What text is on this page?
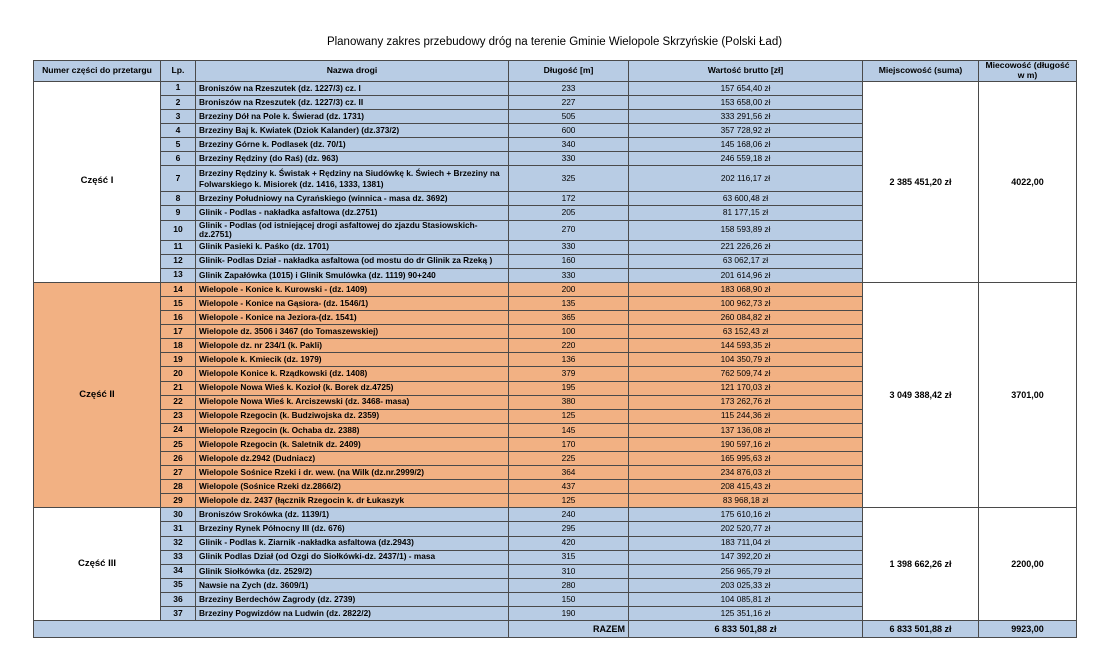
Planowany zakres przebudowy dróg na terenie Gminie Wielopole Skrzyńskie (Polski Ład)
Numer części do przetargu	Lp.	Nazwa drogi	Długość [m]	Wartość brutto [zł]	Miejscowość (suma)	Miecowość (długość w m)
Część I	1	Broniszów na Rzeszutek (dz. 1227/3) cz. I	233	157 654,40 zł	2 385 451,20 zł	4022,00
	2	Broniszów na Rzeszutek (dz. 1227/3) cz. II	227	153 658,00 zł		
	3	Brzeziny Dół na Pole k. Świerad (dz. 1731)	505	333 291,56 zł		
	4	Brzeziny Baj k. Kwiatek (Dziok Kalander) (dz.373/2)	600	357 728,92 zł		
	5	Brzeziny Górne k. Podlasek (dz. 70/1)	340	145 168,06 zł		
	6	Brzeziny Rędziny (do Raś) (dz. 963)	330	246 559,18 zł		
	7	Brzeziny Rędziny k. Świstak + Rędziny na Siudówkę k. Świech + Brzeziny na Folwarskiego k. Misiorek (dz. 1416, 1333, 1381)	325	202 116,17 zł		
	8	Brzeziny Południowy na Cyrańskiego (winnica - masa dz. 3692)	172	63 600,48 zł		
	9	Glinik - Podlas - nakładka asfaltowa (dz.2751)	205	81 177,15 zł		
	10	Glinik - Podlas (od istniejącej drogi asfaltowej do zjazdu Stasiowskich- dz.2751)	270	158 593,89 zł		
	11	Glinik Pasieki k. Paśko (dz. 1701)	330	221 226,26 zł		
	12	Glinik- Podlas Dział - nakładka asfaltowa (od mostu do dr Glinik za Rzeką )	160	63 062,17 zł		
	13	Glinik Zapałówka (1015) i Glinik Smulówka (dz. 1119) 90+240	330	201 614,96 zł		
Część II	14	Wielopole - Konice k. Kurowski - (dz. 1409)	200	183 068,90 zł	3 049 388,42 zł	3701,00
	15	Wielopole - Konice na Gąsiora- (dz. 1546/1)	135	100 962,73 zł		
	16	Wielopole - Konice na Jeziora-(dz. 1541)	365	260 084,82 zł		
	17	Wielopole dz. 3506 i 3467 (do Tomaszewskiej)	100	63 152,43 zł		
	18	Wielopole dz. nr 234/1 (k. Pakli)	220	144 593,35 zł		
	19	Wielopole k. Kmiecik (dz. 1979)	136	104 350,79 zł		
	20	Wielopole Konice k. Rządkowski (dz. 1408)	379	762 509,74 zł		
	21	Wielopole Nowa Wieś k. Kozioł (k. Borek dz.4725)	195	121 170,03 zł		
	22	Wielopole Nowa Wieś k. Arciszewski (dz. 3468- masa)	380	173 262,76 zł		
	23	Wielopole Rzegocin (k. Budziwojska dz. 2359)	125	115 244,36 zł		
	24	Wielopole Rzegocin (k. Ochaba dz. 2388)	145	137 136,08 zł		
	25	Wielopole Rzegocin (k. Saletnik dz. 2409)	170	190 597,16 zł		
	26	Wielopole dz.2942 (Dudniacz)	225	165 995,63 zł		
	27	Wielopole Sośnice Rzeki i dr. wew. (na Wilk (dz.nr.2999/2)	364	234 876,03 zł		
	28	Wielopole (Sośnice Rzeki dz.2866/2)	437	208 415,43 zł		
	29	Wielopole dz. 2437 (łącznik Rzegocin k. dr Łukaszyk	125	83 968,18 zł		
Część III	30	Broniszów Srokówka (dz. 1139/1)	240	175 610,16 zł	1 398 662,26 zł	2200,00
	31	Brzeziny Rynek Północny III (dz. 676)	295	202 520,77 zł		
	32	Glinik - Podlas k. Ziarnik -nakładka asfaltowa (dz.2943)	420	183 711,04 zł		
	33	Glinik Podlas Dział (od Ozgi do Siołkówki-dz. 2437/1) - masa	315	147 392,20 zł		
	34	Glinik Siołkówka (dz. 2529/2)	310	256 965,79 zł		
	35	Nawsie na Zych (dz. 3609/1)	280	203 025,33 zł		
	36	Brzeziny Berdechów Zagrody (dz. 2739)	150	104 085,81 zł		
	37	Brzeziny Pogwizdów na Ludwin (dz. 2822/2)	190	125 351,16 zł		
			RAZEM	6 833 501,88 zł	6 833 501,88 zł	9923,00
